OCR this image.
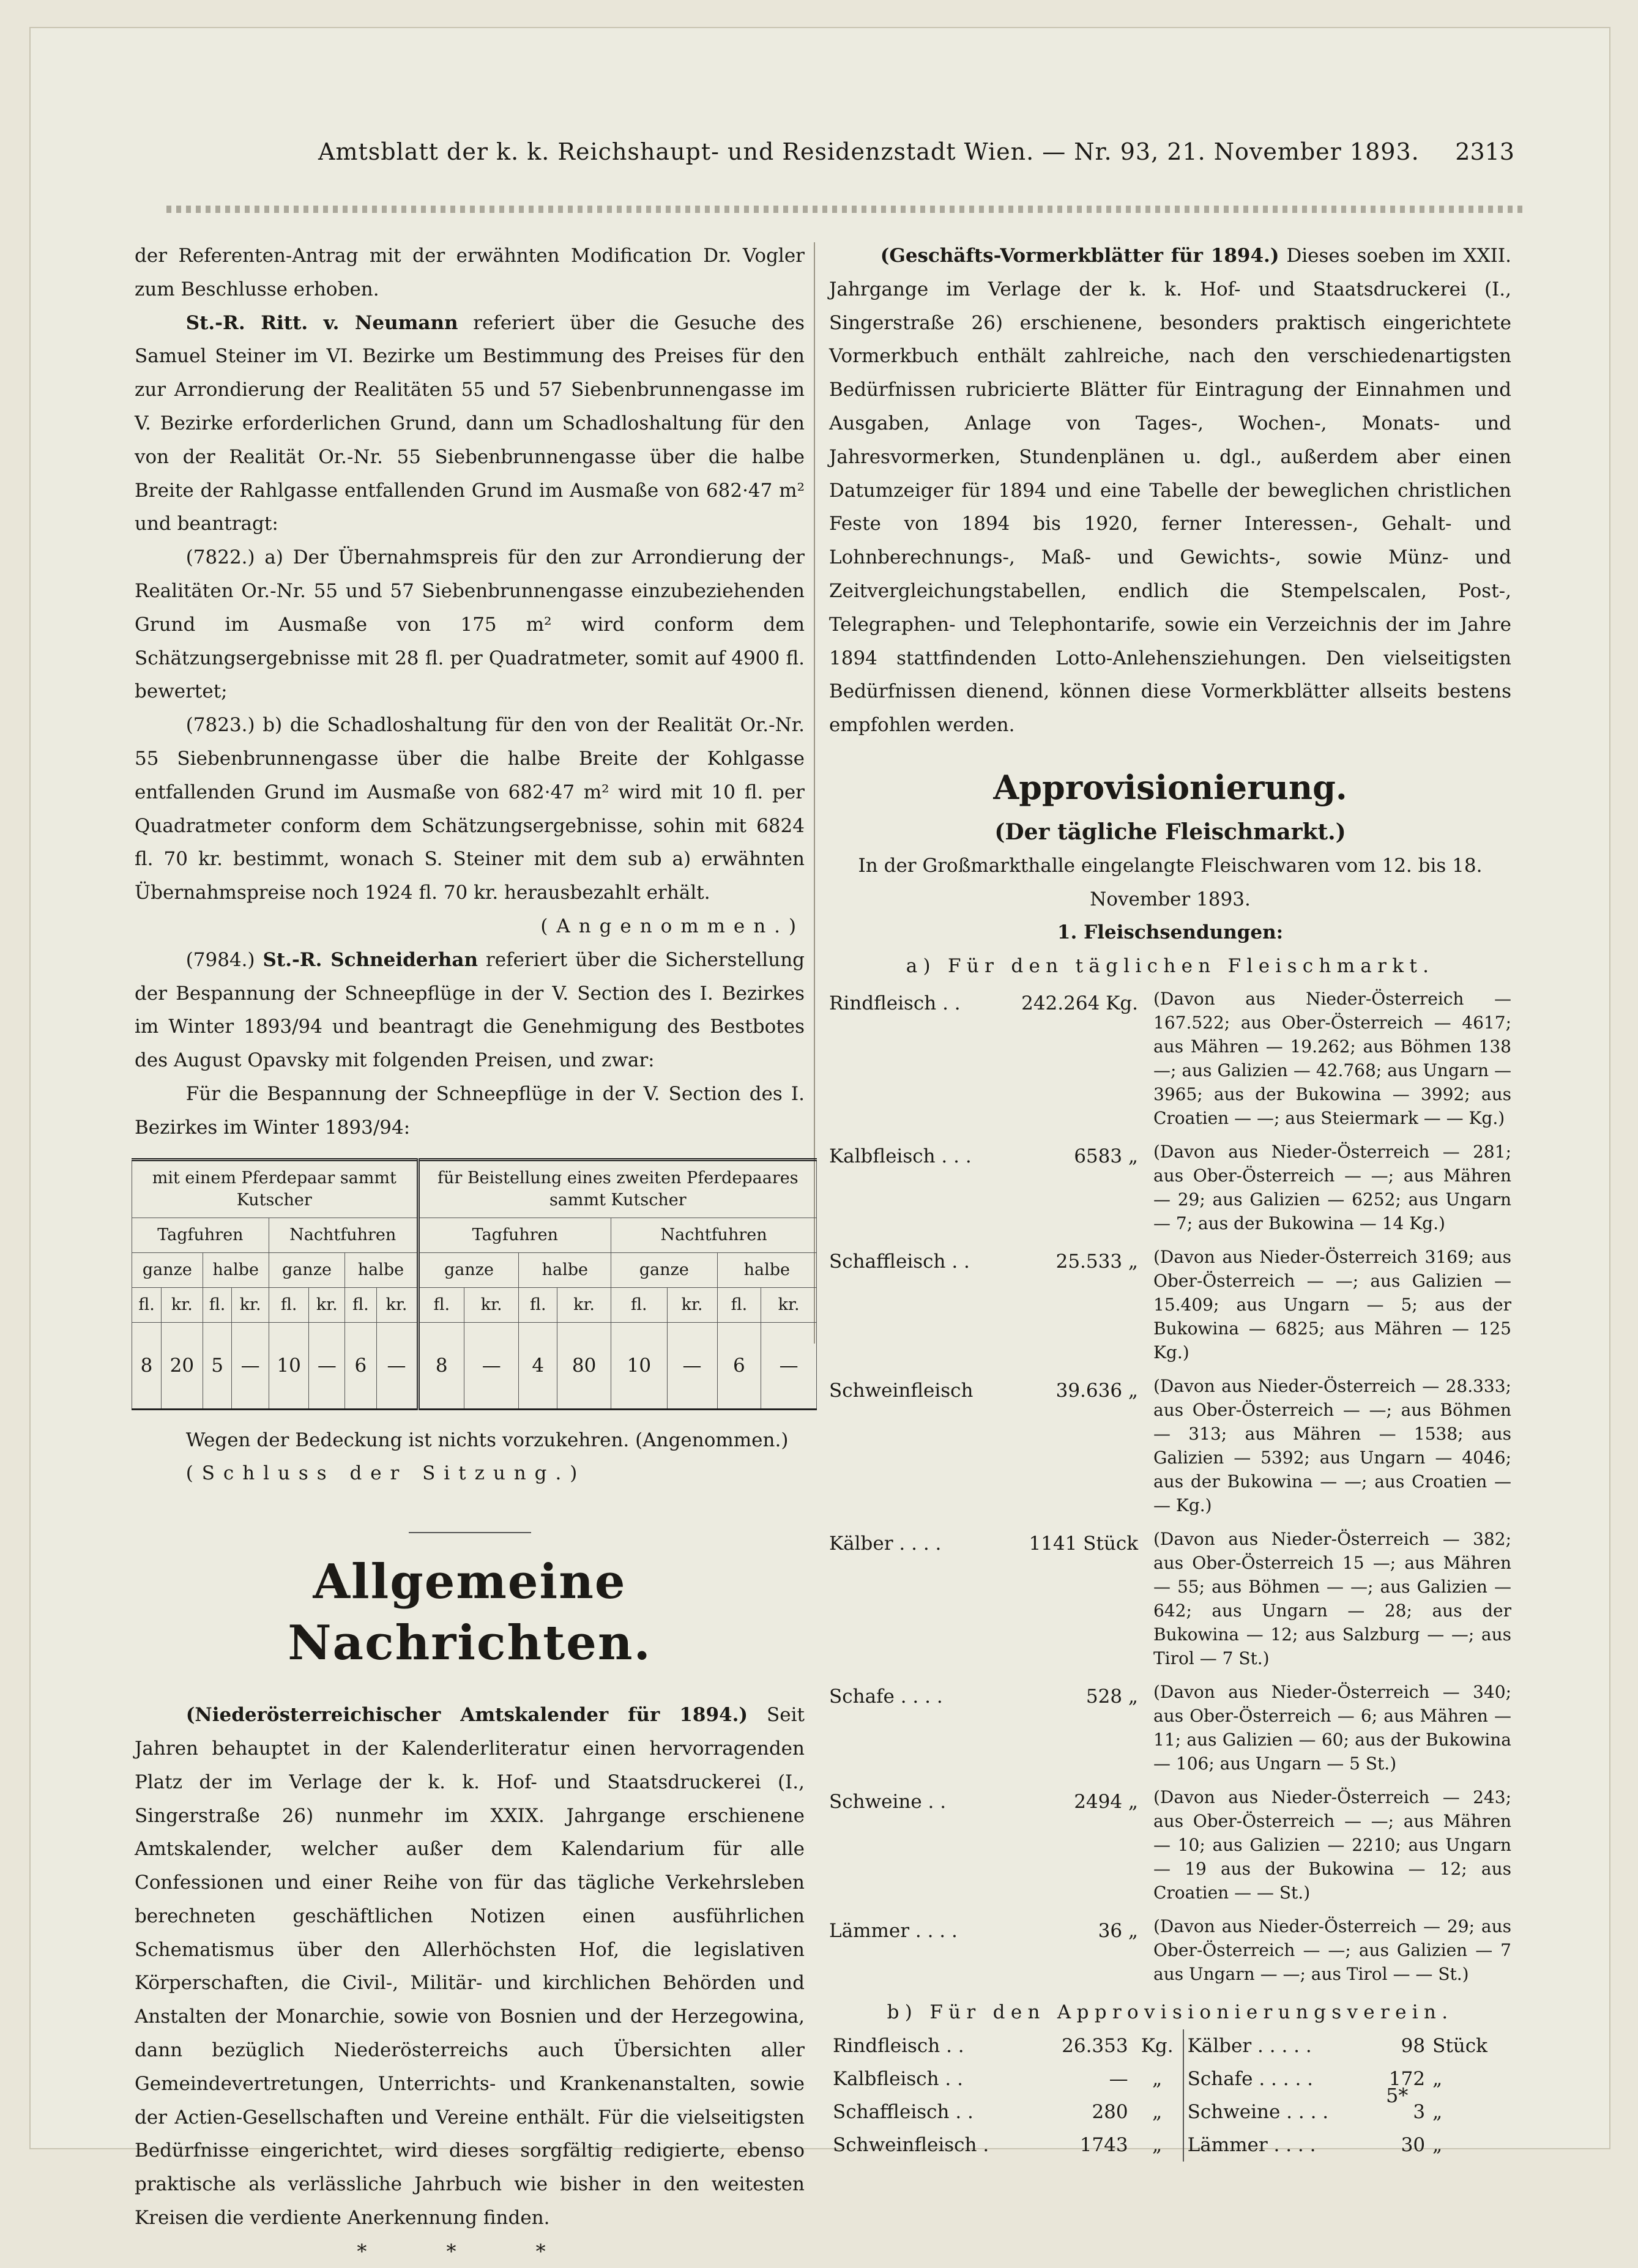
Amtsblatt der k. k. Reichshaupt- und Residenzstadt Wien. — Nr. 93, 21. November 1893. 2313

der Referenten-Antrag mit der erwähnten Modification Dr. Vogler zum Beschlusse erhoben.

St.-R. Ritt. v. Neumann referiert über die Gesuche des Samuel Steiner im VI. Bezirke um Bestimmung des Preises für den zur Arrondierung der Realitäten 55 und 57 Siebenbrunnengasse im V. Bezirke erforderlichen Grund, dann um Schadloshaltung für den von der Realität Or.-Nr. 55 Siebenbrunnengasse über die halbe Breite der Rahlgasse entfallenden Grund im Ausmaße von 682·47 m² und beantragt:

(7822.) a) Der Übernahmspreis für den zur Arrondierung der Realitäten Or.-Nr. 55 und 57 Siebenbrunnengasse einzubeziehenden Grund im Ausmaße von 175 m² wird conform dem Schätzungsergebnisse mit 28 fl. per Quadratmeter, somit auf 4900 fl. bewertet;

(7823.) b) die Schadloshaltung für den von der Realität Or.-Nr. 55 Siebenbrunnengasse über die halbe Breite der Kohlgasse entfallenden Grund im Ausmaße von 682·47 m² wird mit 10 fl. per Quadratmeter conform dem Schätzungsergebnisse, sohin mit 6824 fl. 70 kr. bestimmt, wonach S. Steiner mit dem sub a) erwähnten Übernahmspreise noch 1924 fl. 70 kr. herausbezahlt erhält.

(Angenommen.)

(7984.) St.-R. Schneiderhan referiert über die Sicherstellung der Bespannung der Schneepflüge in der V. Section des I. Bezirkes im Winter 1893/94 und beantragt die Genehmigung des Bestbotes des August Opavsky mit folgenden Preisen, und zwar:

Für die Bespannung der Schneepflüge in der V. Section des I. Bezirkes im Winter 1893/94:

mit einem Pferdepaar sammt Kutscher								für Beistellung eines zweiten Pferdepaares sammt Kutscher							
Tagfuhren				Nachtfuhren				Tagfuhren				Nachtfuhren			
ganze		halbe		ganze		halbe		ganze		halbe		ganze		halbe	
fl.	kr.	fl.	kr.	fl.	kr.	fl.	kr.	fl.	kr.	fl.	kr.	fl.	kr.	fl.	kr.
8	20	5	—	10	—	6	—	8	—	4	80	10	—	6	—

Wegen der Bedeckung ist nichts vorzukehren. (Angenommen.)

(Schluss der Sitzung.)

Allgemeine Nachrichten.

(Niederösterreichischer Amtskalender für 1894.) Seit Jahren behauptet in der Kalenderliteratur einen hervorragenden Platz der im Verlage der k. k. Hof- und Staatsdruckerei (I., Singerstraße 26) nunmehr im XXIX. Jahrgange erschienene Amtskalender, welcher außer dem Kalendarium für alle Confessionen und einer Reihe von für das tägliche Verkehrsleben berechneten geschäftlichen Notizen einen ausführlichen Schematismus über den Allerhöchsten Hof, die legislativen Körperschaften, die Civil-, Militär- und kirchlichen Behörden und Anstalten der Monarchie, sowie von Bosnien und der Herzegowina, dann bezüglich Niederösterreichs auch Übersichten aller Gemeindevertretungen, Unterrichts- und Krankenanstalten, sowie der Actien-Gesellschaften und Vereine enthält. Für die vielseitigsten Bedürfnisse eingerichtet, wird dieses sorgfältig redigierte, ebenso praktische als verlässliche Jahrbuch wie bisher in den weitesten Kreisen die verdiente Anerkennung finden.

* * *

(Geschäfts-Vormerkblätter für 1894.) Dieses soeben im XXII. Jahrgange im Verlage der k. k. Hof- und Staatsdruckerei (I., Singerstraße 26) erschienene, besonders praktisch eingerichtete Vormerkbuch enthält zahlreiche, nach den verschiedenartigsten Bedürfnissen rubricierte Blätter für Eintragung der Einnahmen und Ausgaben, Anlage von Tages-, Wochen-, Monats- und Jahresvormerken, Stundenplänen u. dgl., außerdem aber einen Datumzeiger für 1894 und eine Tabelle der beweglichen christlichen Feste von 1894 bis 1920, ferner Interessen-, Gehalt- und Lohnberechnungs-, Maß- und Gewichts-, sowie Münz- und Zeitvergleichungstabellen, endlich die Stempelscalen, Post-, Telegraphen- und Telephontarife, sowie ein Verzeichnis der im Jahre 1894 stattfindenden Lotto-Anlehensziehungen. Den vielseitigsten Bedürfnissen dienend, können diese Vormerkblätter allseits bestens empfohlen werden.

Approvisionierung.

(Der tägliche Fleischmarkt.)

In der Großmarkthalle eingelangte Fleischwaren vom 12. bis 18. November 1893.

1. Fleischsendungen:

a) Für den täglichen Fleischmarkt.

Rindfleisch . .	242.264 Kg. (Davon aus Nieder-Österreich — 167.522; aus Ober-Österreich — 4617; aus Mähren — 19.262; aus Böhmen 138 —; aus Galizien — 42.768; aus Ungarn — 3965; aus der Bukowina — 3992; aus Croatien — —; aus Steiermark — — Kg.)
Kalbfleisch . . .	6583 „ (Davon aus Nieder-Österreich — 281; aus Ober-Österreich — —; aus Mähren — 29; aus Galizien — 6252; aus Ungarn — 7; aus der Bukowina — 14 Kg.)
Schaffleisch . .	25.533 „ (Davon aus Nieder-Österreich 3169; aus Ober-Österreich — —; aus Galizien — 15.409; aus Ungarn — 5; aus der Bukowina — 6825; aus Mähren — 125 Kg.)
Schweinfleisch	39.636 „ (Davon aus Nieder-Österreich — 28.333; aus Ober-Österreich — —; aus Böhmen — 313; aus Mähren — 1538; aus Galizien — 5392; aus Ungarn — 4046; aus der Bukowina — —; aus Croatien — — Kg.)
Kälber . . . .	1141 Stück (Davon aus Nieder-Österreich — 382; aus Ober-Österreich 15 —; aus Mähren — 55; aus Böhmen — —; aus Galizien — 642; aus Ungarn — 28; aus der Bukowina — 12; aus Salzburg — —; aus Tirol — 7 St.)
Schafe . . . .	528 „ (Davon aus Nieder-Österreich — 340; aus Ober-Österreich — 6; aus Mähren — 11; aus Galizien — 60; aus der Bukowina — 106; aus Ungarn — 5 St.)
Schweine . .	2494 „ (Davon aus Nieder-Österreich — 243; aus Ober-Österreich — —; aus Mähren — 10; aus Galizien — 2210; aus Ungarn — 19 aus der Bukowina — 12; aus Croatien — — St.)
Lämmer . . . .	36 „ (Davon aus Nieder-Österreich — 29; aus Ober-Österreich — —; aus Galizien — 7 aus Ungarn — —; aus Tirol — — St.)

b) Für den Approvisionierungsverein.

Rindfleisch . .	26.353	Kg.	Kälber . . . . .	98	Stück
Kalbfleisch . .	—	„	Schafe . . . . .	172	„
Schaffleisch . .	280	„	Schweine . . . .	3	„
Schweinfleisch .	1743	„	Lämmer . . . .	30	„
5*
